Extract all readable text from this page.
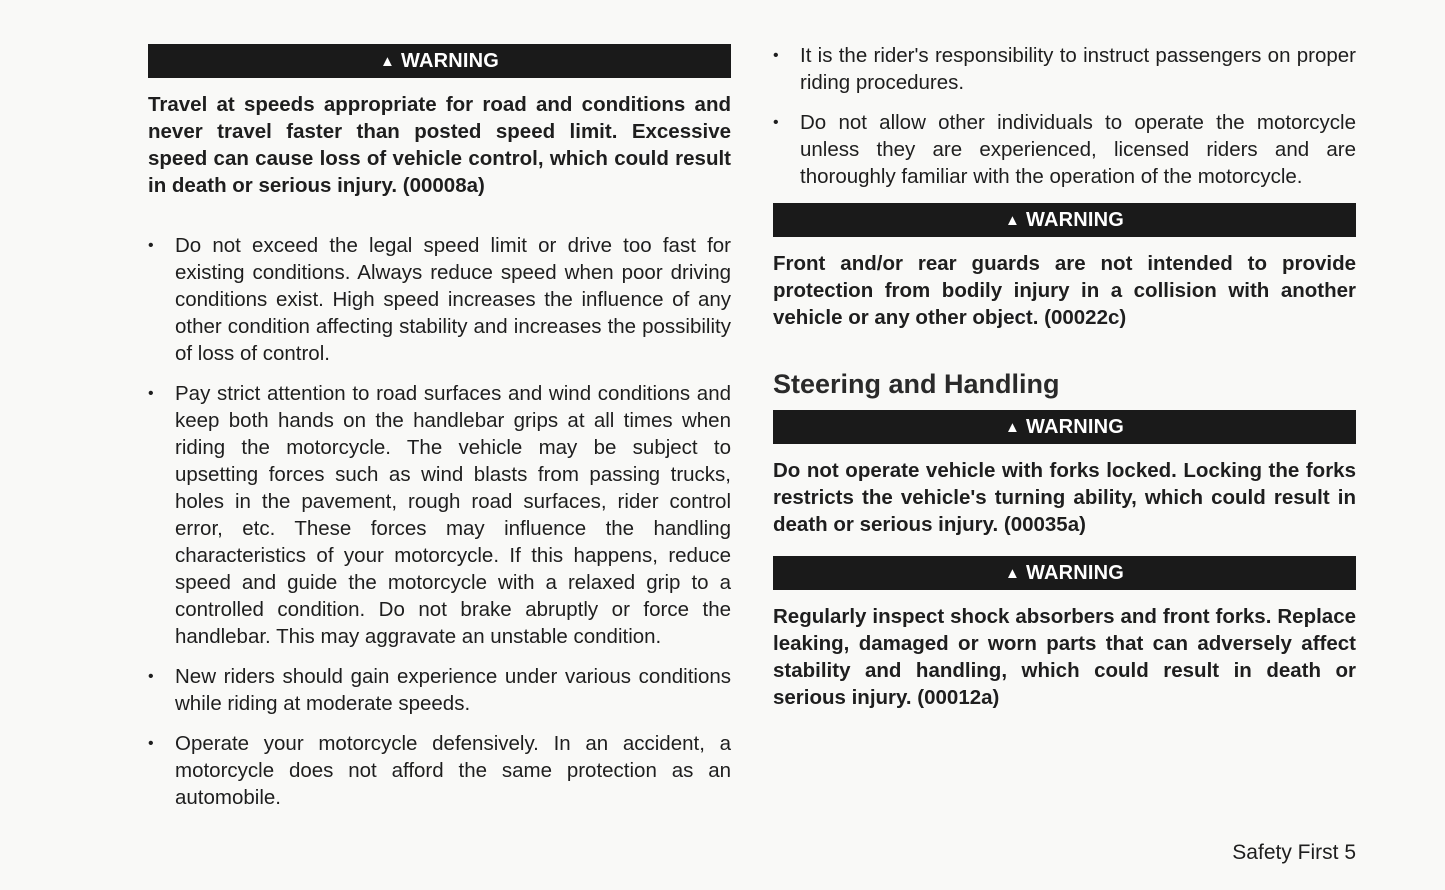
▲ WARNING

Travel at speeds appropriate for road and conditions and never travel faster than posted speed limit. Excessive speed can cause loss of vehicle control, which could result in death or serious injury. (00008a)

• Do not exceed the legal speed limit or drive too fast for existing conditions. Always reduce speed when poor driving conditions exist. High speed increases the influence of any other condition affecting stability and increases the possibility of loss of control.
• Pay strict attention to road surfaces and wind conditions and keep both hands on the handlebar grips at all times when riding the motorcycle. The vehicle may be subject to upsetting forces such as wind blasts from passing trucks, holes in the pavement, rough road surfaces, rider control error, etc. These forces may influence the handling characteristics of your motorcycle. If this happens, reduce speed and guide the motorcycle with a relaxed grip to a controlled condition. Do not brake abruptly or force the handlebar. This may aggravate an unstable condition.
• New riders should gain experience under various conditions while riding at moderate speeds.
• Operate your motorcycle defensively. In an accident, a motorcycle does not afford the same protection as an automobile.
• It is the rider's responsibility to instruct passengers on proper riding procedures.
• Do not allow other individuals to operate the motorcycle unless they are experienced, licensed riders and are thoroughly familiar with the operation of the motorcycle.
▲ WARNING

Front and/or rear guards are not intended to provide protection from bodily injury in a collision with another vehicle or any other object. (00022c)

Steering and Handling
▲ WARNING

Do not operate vehicle with forks locked. Locking the forks restricts the vehicle's turning ability, which could result in death or serious injury. (00035a)

▲ WARNING

Regularly inspect shock absorbers and front forks. Replace leaking, damaged or worn parts that can adversely affect stability and handling, which could result in death or serious injury. (00012a)

Safety First 5
